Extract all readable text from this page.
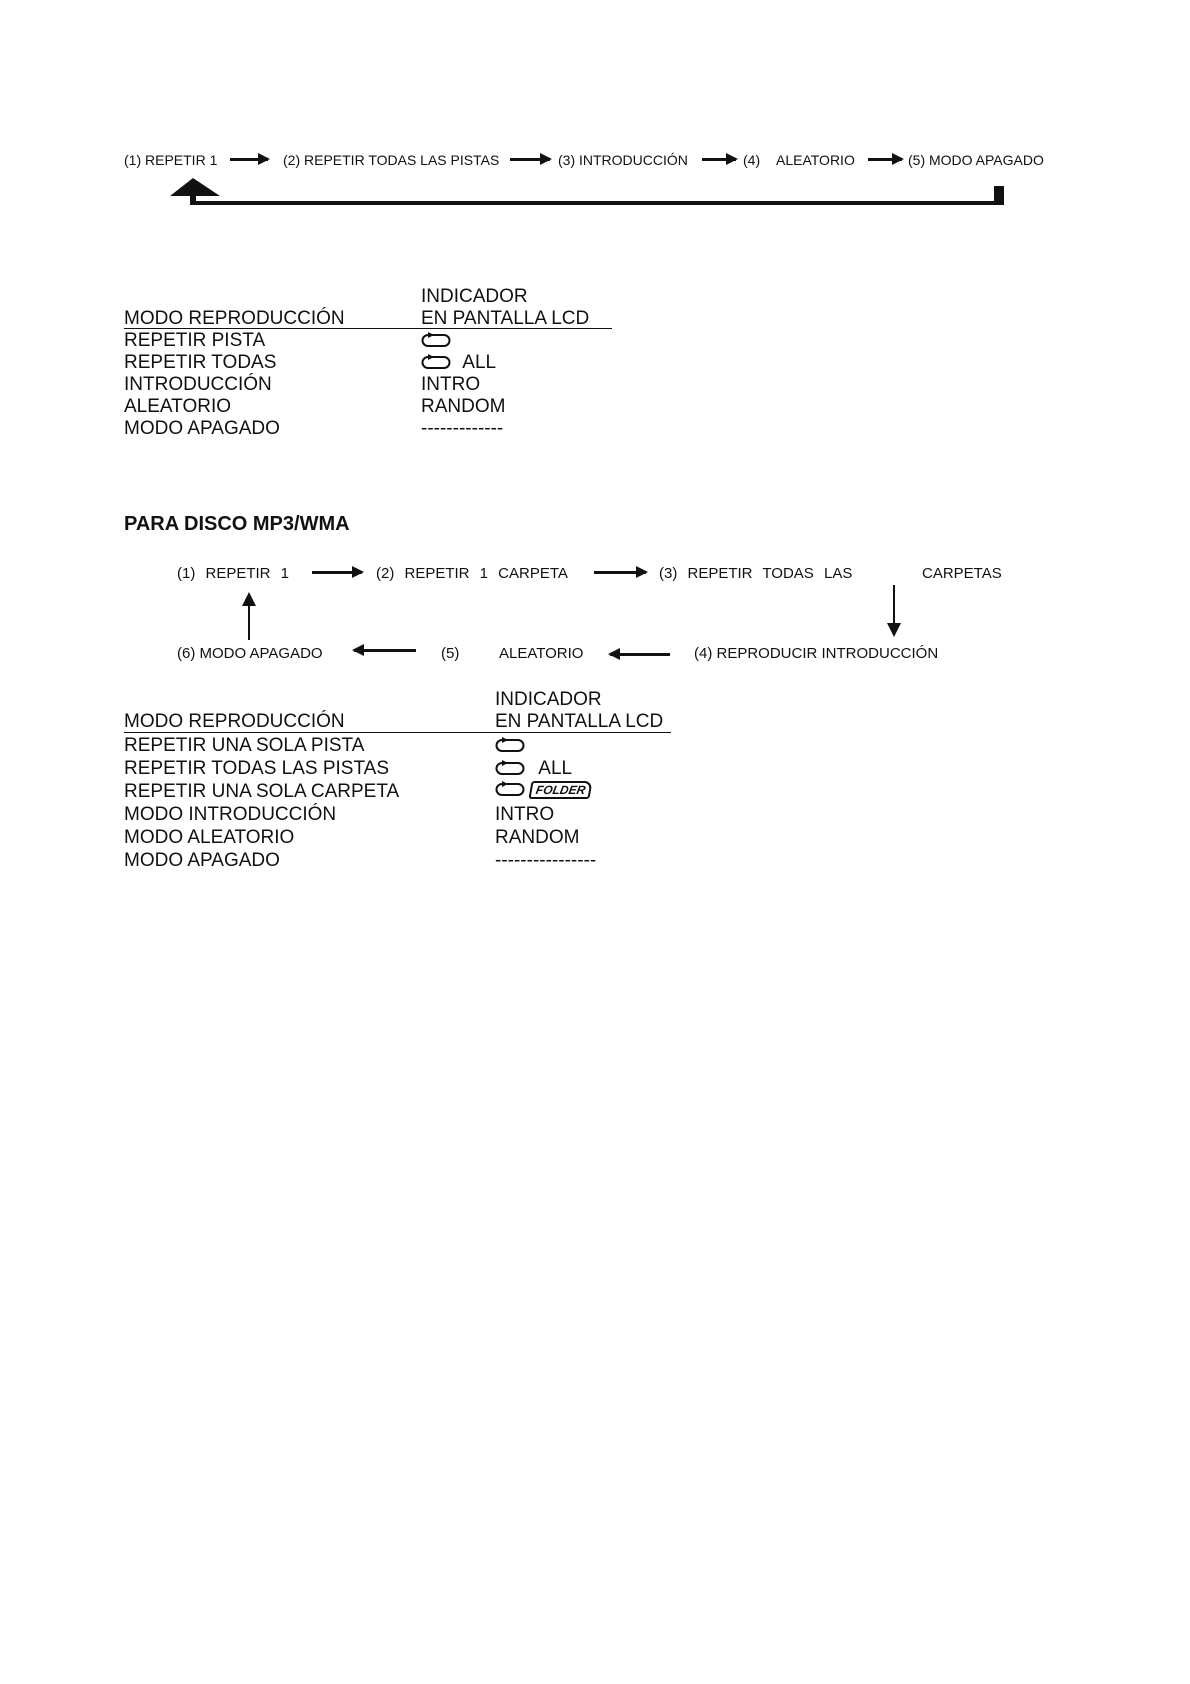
(1) REPETIR 1	(2) REPETIR TODAS LAS PISTAS	(3) INTRODUCCIÓN	(4) ALEATORIO	(5) MODO APAGADO
INDICADOR
MODO REPRODUCCIÓN	EN PANTALLA LCD
REPETIR PISTA
REPETIR TODAS	ALL
INTRODUCCIÓN	INTRO
ALEATORIO	RANDOM
MODO APAGADO	-------------
PARA DISCO MP3/WMA
(1) REPETIR 1	(2) REPETIR 1 CARPETA	(3) REPETIR TODAS LAS	CARPETAS
(4) REPRODUCIR INTRODUCCIÓN
(5)	ALEATORIO
(6) MODO APAGADO
INDICADOR
MODO REPRODUCCIÓN	EN PANTALLA LCD
REPETIR UNA SOLA PISTA
REPETIR TODAS LAS PISTAS	ALL
REPETIR UNA SOLA CARPETA	FOLDER
MODO INTRODUCCIÓN	INTRO
MODO ALEATORIO	RANDOM
MODO APAGADO	----------------
